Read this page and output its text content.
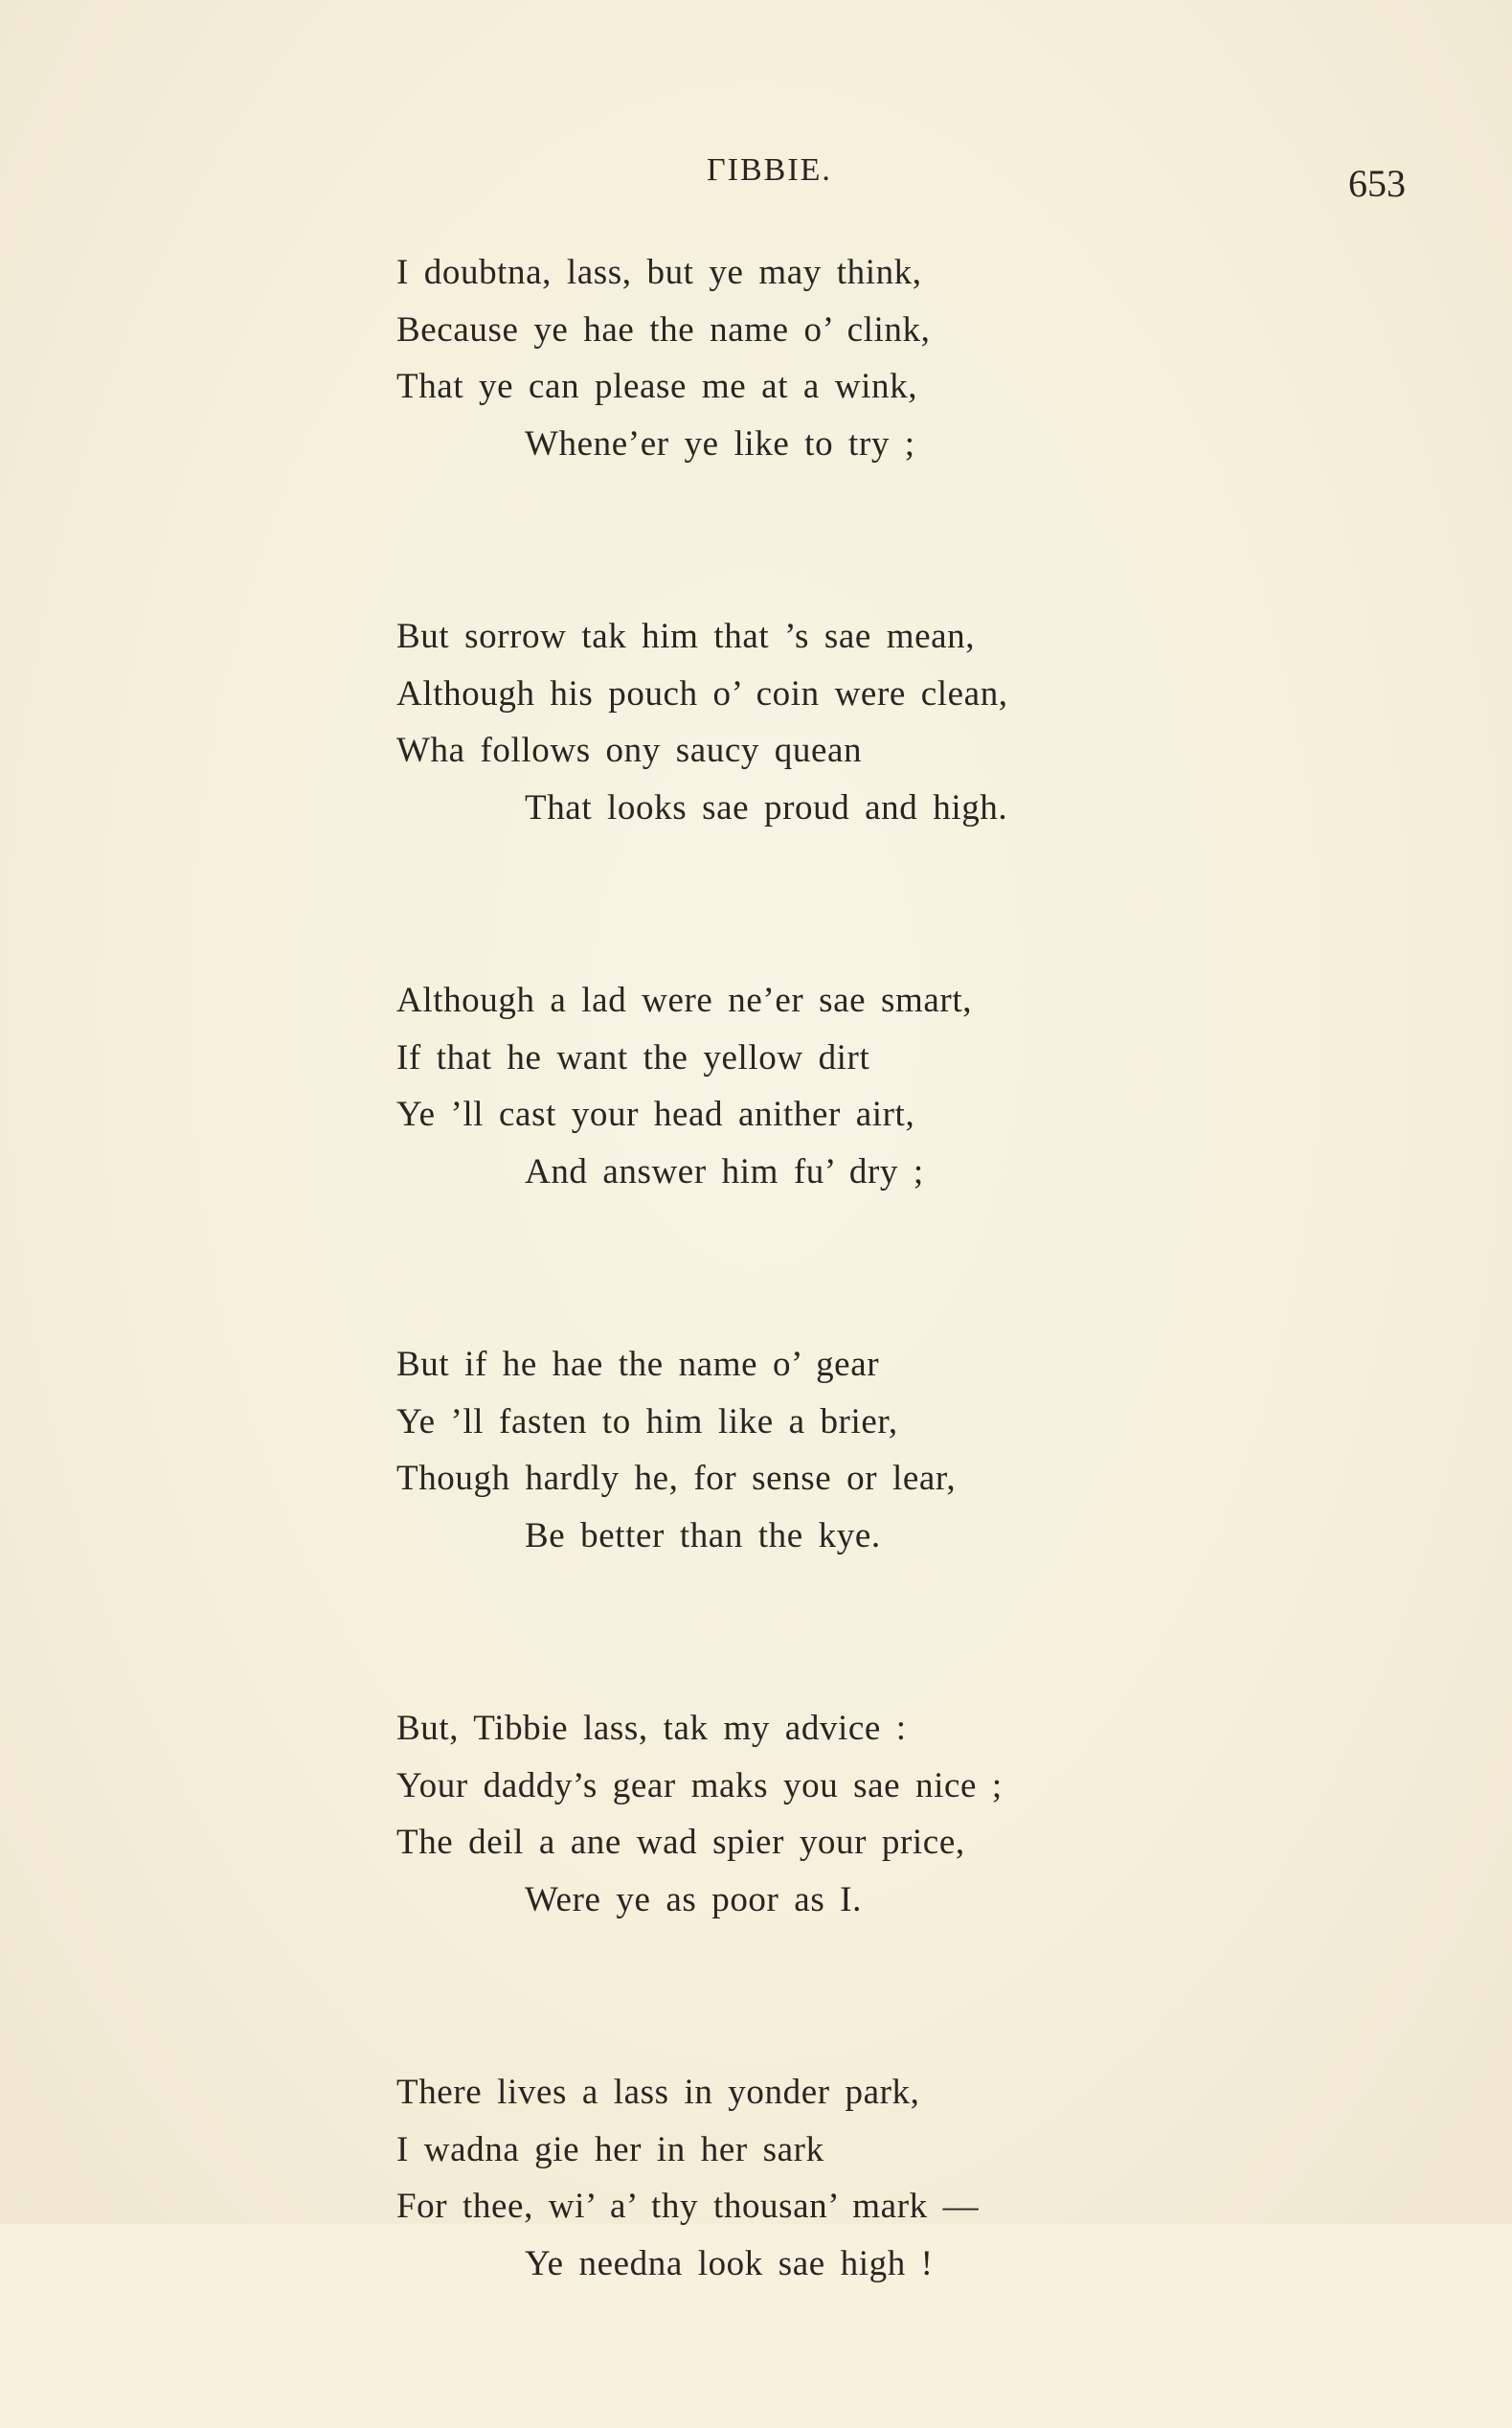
ΓIBBIE.	653
I doubtna, lass, but ye may think,
Because ye hae the name o’ clink,
That ye can please me at a wink,
Whene’er ye like to try ;
But sorrow tak him that ’s sae mean,
Although his pouch o’ coin were clean,
Wha follows ony saucy quean
That looks sae proud and high.
Although a lad were ne’er sae smart,
If that he want the yellow dirt
Ye ’ll cast your head anither airt,
And answer him fu’ dry ;
But if he hae the name o’ gear
Ye ’ll fasten to him like a brier,
Though hardly he, for sense or lear,
Be better than the kye.
But, Tibbie lass, tak my advice :
Your daddy’s gear maks you sae nice ;
The deil a ane wad spier your price,
Were ye as poor as I.
There lives a lass in yonder park,
I wadna gie her in her sark
For thee, wi’ a’ thy thousan’ mark —
Ye needna look sae high !
